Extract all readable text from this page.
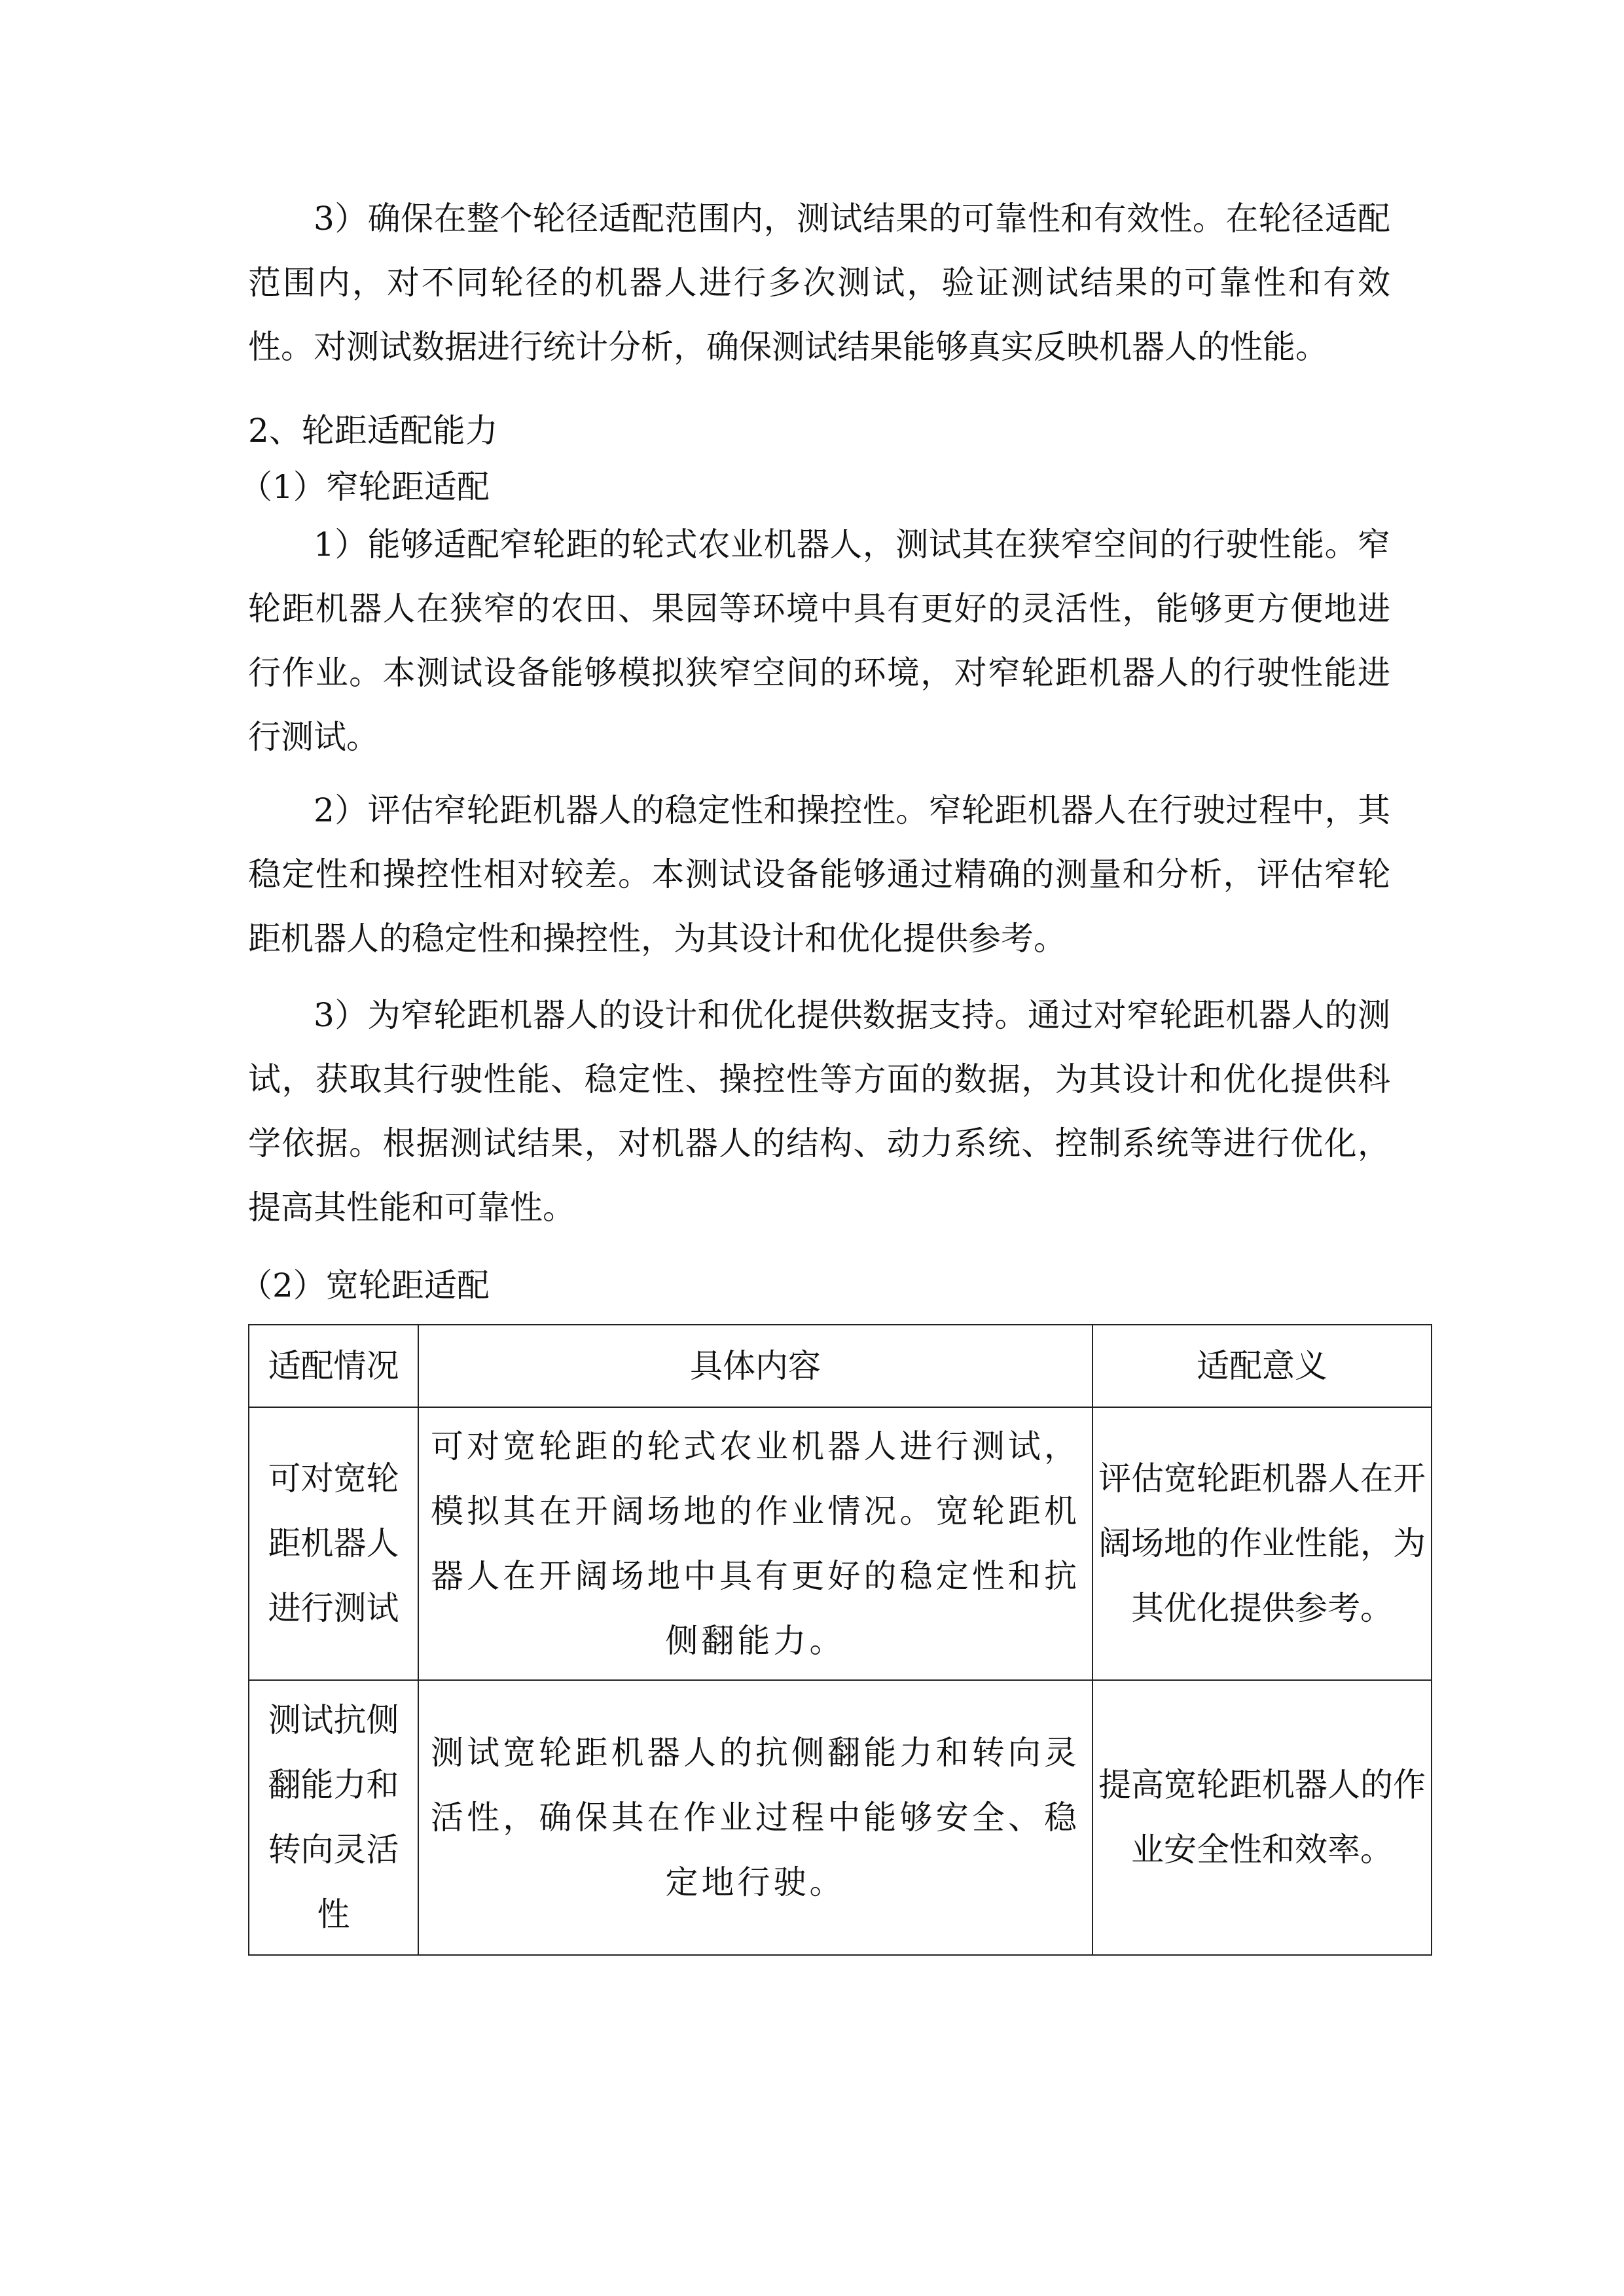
3）确保在整个轮径适配范围内，测试结果的可靠性和有效性。在轮径适配范围内，对不同轮径的机器人进行多次测试，验证测试结果的可靠性和有效性。对测试数据进行统计分析，确保测试结果能够真实反映机器人的性能。
2、轮距适配能力
（1）窄轮距适配
1）能够适配窄轮距的轮式农业机器人，测试其在狭窄空间的行驶性能。窄轮距机器人在狭窄的农田、果园等环境中具有更好的灵活性，能够更方便地进行作业。本测试设备能够模拟狭窄空间的环境，对窄轮距机器人的行驶性能进行测试。
2）评估窄轮距机器人的稳定性和操控性。窄轮距机器人在行驶过程中，其稳定性和操控性相对较差。本测试设备能够通过精确的测量和分析，评估窄轮距机器人的稳定性和操控性，为其设计和优化提供参考。
3）为窄轮距机器人的设计和优化提供数据支持。通过对窄轮距机器人的测试，获取其行驶性能、稳定性、操控性等方面的数据，为其设计和优化提供科学依据。根据测试结果，对机器人的结构、动力系统、控制系统等进行优化，提高其性能和可靠性。
（2）宽轮距适配
适配情况	具体内容	适配意义
可对宽轮距机器人进行测试	可对宽轮距的轮式农业机器人进行测试，模拟其在开阔场地的作业情况。宽轮距机器人在开阔场地中具有更好的稳定性和抗侧翻能力。	评估宽轮距机器人在开阔场地的作业性能，为其优化提供参考。
测试抗侧翻能力和转向灵活性	测试宽轮距机器人的抗侧翻能力和转向灵活性，确保其在作业过程中能够安全、稳定地行驶。	提高宽轮距机器人的作业安全性和效率。
